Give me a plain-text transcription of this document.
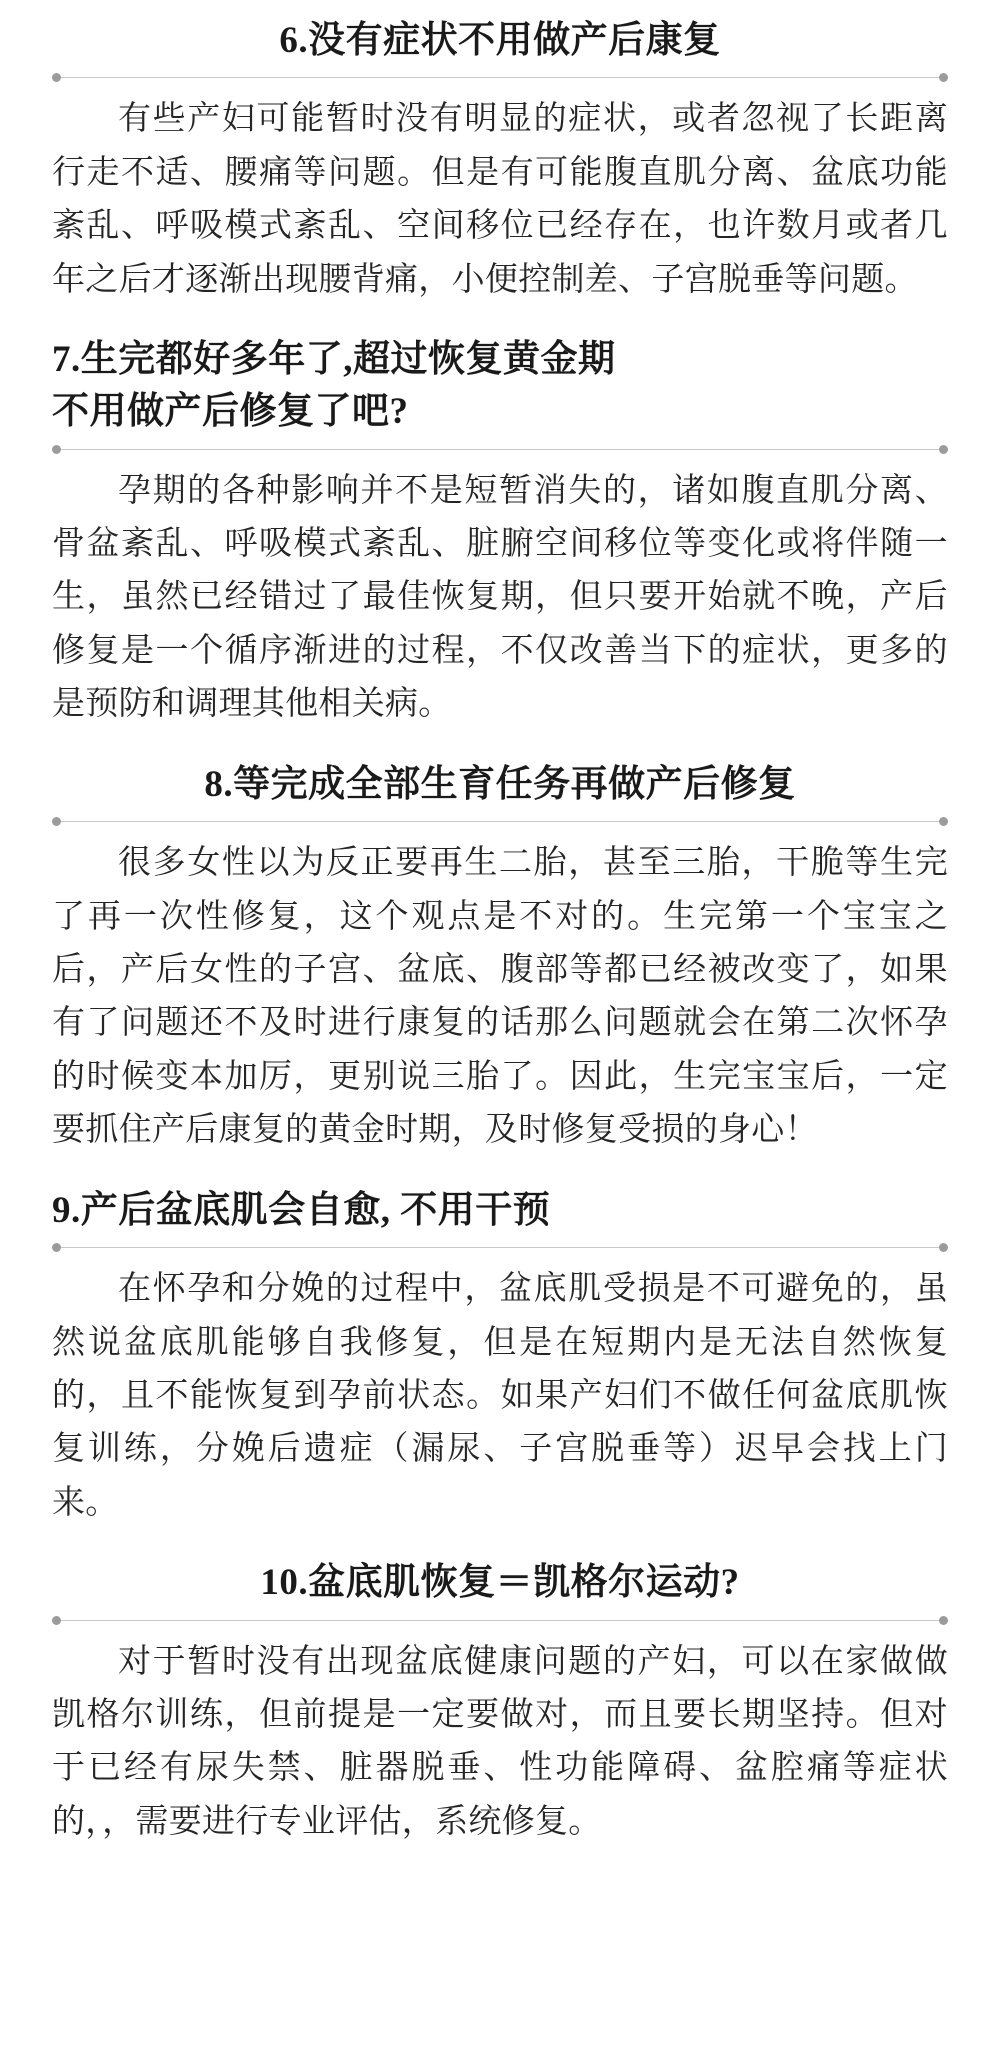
6.没有症状不用做产后康复

有些产妇可能暂时没有明显的症状，或者忽视了长距离行走不适、腰痛等问题。但是有可能腹直肌分离、盆底功能紊乱、呼吸模式紊乱、空间移位已经存在，也许数月或者几年之后才逐渐出现腰背痛，小便控制差、子宫脱垂等问题。

7.生完都好多年了,超过恢复黄金期
不用做产后修复了吧?

孕期的各种影响并不是短暂消失的，诸如腹直肌分离、骨盆紊乱、呼吸模式紊乱、脏腑空间移位等变化或将伴随一生，虽然已经错过了最佳恢复期，但只要开始就不晚，产后修复是一个循序渐进的过程，不仅改善当下的症状，更多的是预防和调理其他相关病。

8.等完成全部生育任务再做产后修复

很多女性以为反正要再生二胎，甚至三胎，干脆等生完了再一次性修复，这个观点是不对的。生完第一个宝宝之后，产后女性的子宫、盆底、腹部等都已经被改变了，如果有了问题还不及时进行康复的话那么问题就会在第二次怀孕的时候变本加厉，更别说三胎了。因此，生完宝宝后，一定要抓住产后康复的黄金时期，及时修复受损的身心！

9.产后盆底肌会自愈, 不用干预

在怀孕和分娩的过程中，盆底肌受损是不可避免的，虽然说盆底肌能够自我修复，但是在短期内是无法自然恢复的，且不能恢复到孕前状态。如果产妇们不做任何盆底肌恢复训练，分娩后遗症（漏尿、子宫脱垂等）迟早会找上门来。

10.盆底肌恢复＝凯格尔运动?

对于暂时没有出现盆底健康问题的产妇，可以在家做做凯格尔训练，但前提是一定要做对，而且要长期坚持。但对于已经有尿失禁、脏器脱垂、性功能障碍、盆腔痛等症状的，，需要进行专业评估，系统修复。
